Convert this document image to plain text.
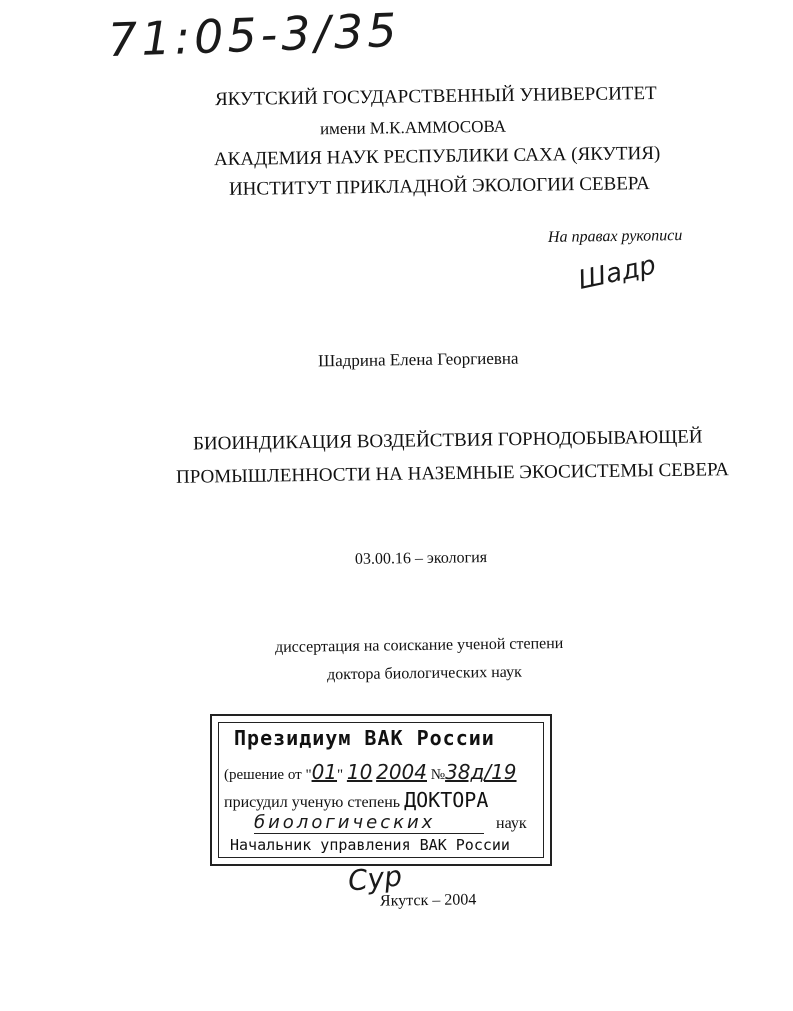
71:05-3/35
ЯКУТСКИЙ ГОСУДАРСТВЕННЫЙ УНИВЕРСИТЕТ
имени М.К.АММОСОВА
АКАДЕМИЯ НАУК РЕСПУБЛИКИ САХА (ЯКУТИЯ)
ИНСТИТУТ ПРИКЛАДНОЙ ЭКОЛОГИИ СЕВЕРА
На правах рукописи
Шадр
Шадрина Елена Георгиевна
БИОИНДИКАЦИЯ ВОЗДЕЙСТВИЯ ГОРНОДОБЫВАЮЩЕЙ
ПРОМЫШЛЕННОСТИ НА НАЗЕМНЫЕ ЭКОСИСТЕМЫ СЕВЕРА
03.00.16 – экология
диссертация на соискание ученой степени
доктора биологических наук
Президиум ВАК России
(решение от "01" 10 2004 №38д/19
присудил ученую степень ДОКТОРА
биологических	наук
Начальник управления ВАК России
Сур
Якутск – 2004
